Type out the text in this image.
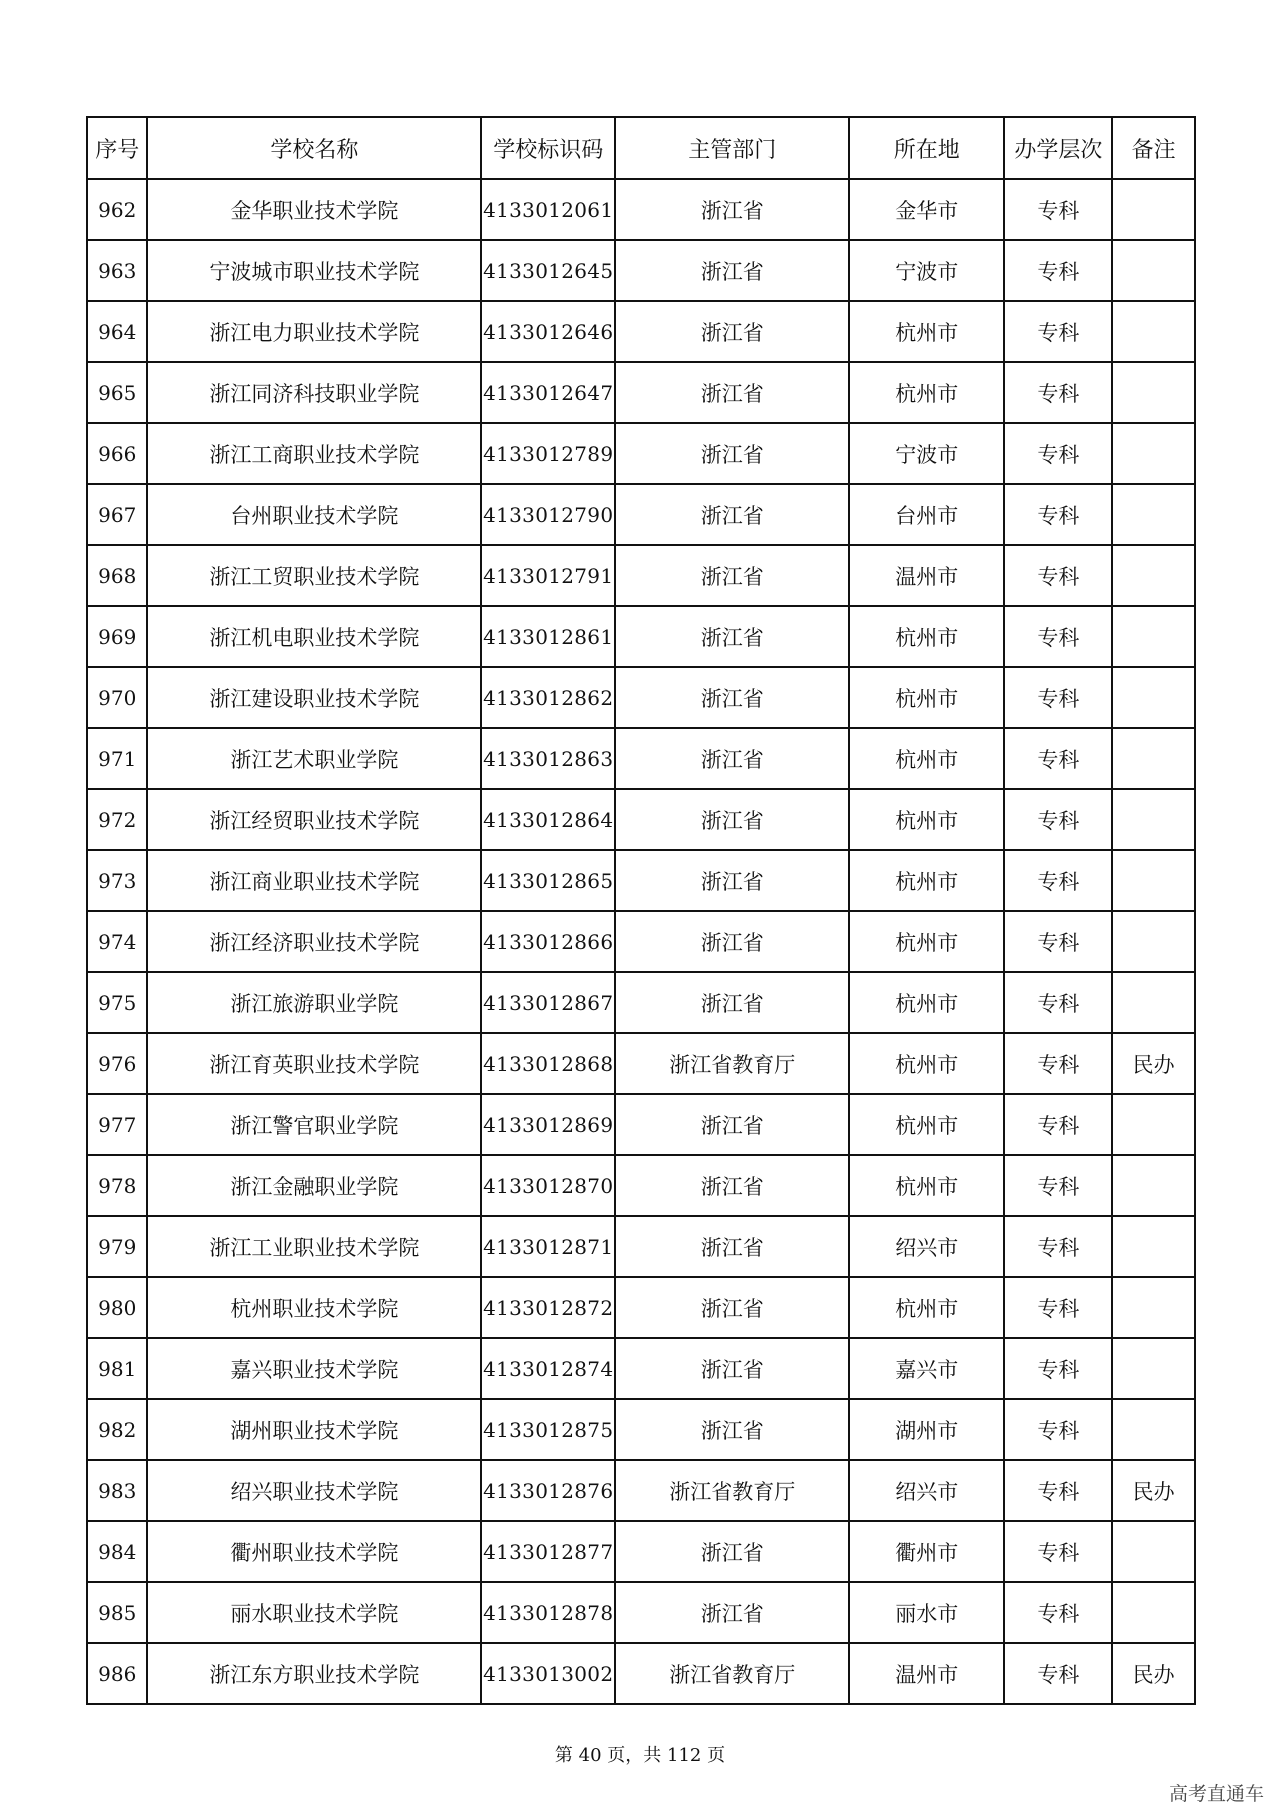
序号	学校名称	学校标识码	主管部门	所在地	办学层次	备注
962	金华职业技术学院	4133012061	浙江省	金华市	专科	
963	宁波城市职业技术学院	4133012645	浙江省	宁波市	专科	
964	浙江电力职业技术学院	4133012646	浙江省	杭州市	专科	
965	浙江同济科技职业学院	4133012647	浙江省	杭州市	专科	
966	浙江工商职业技术学院	4133012789	浙江省	宁波市	专科	
967	台州职业技术学院	4133012790	浙江省	台州市	专科	
968	浙江工贸职业技术学院	4133012791	浙江省	温州市	专科	
969	浙江机电职业技术学院	4133012861	浙江省	杭州市	专科	
970	浙江建设职业技术学院	4133012862	浙江省	杭州市	专科	
971	浙江艺术职业学院	4133012863	浙江省	杭州市	专科	
972	浙江经贸职业技术学院	4133012864	浙江省	杭州市	专科	
973	浙江商业职业技术学院	4133012865	浙江省	杭州市	专科	
974	浙江经济职业技术学院	4133012866	浙江省	杭州市	专科	
975	浙江旅游职业学院	4133012867	浙江省	杭州市	专科	
976	浙江育英职业技术学院	4133012868	浙江省教育厅	杭州市	专科	民办
977	浙江警官职业学院	4133012869	浙江省	杭州市	专科	
978	浙江金融职业学院	4133012870	浙江省	杭州市	专科	
979	浙江工业职业技术学院	4133012871	浙江省	绍兴市	专科	
980	杭州职业技术学院	4133012872	浙江省	杭州市	专科	
981	嘉兴职业技术学院	4133012874	浙江省	嘉兴市	专科	
982	湖州职业技术学院	4133012875	浙江省	湖州市	专科	
983	绍兴职业技术学院	4133012876	浙江省教育厅	绍兴市	专科	民办
984	衢州职业技术学院	4133012877	浙江省	衢州市	专科	
985	丽水职业技术学院	4133012878	浙江省	丽水市	专科	
986	浙江东方职业技术学院	4133013002	浙江省教育厅	温州市	专科	民办
第 40 页，共 112 页
高考直通车
